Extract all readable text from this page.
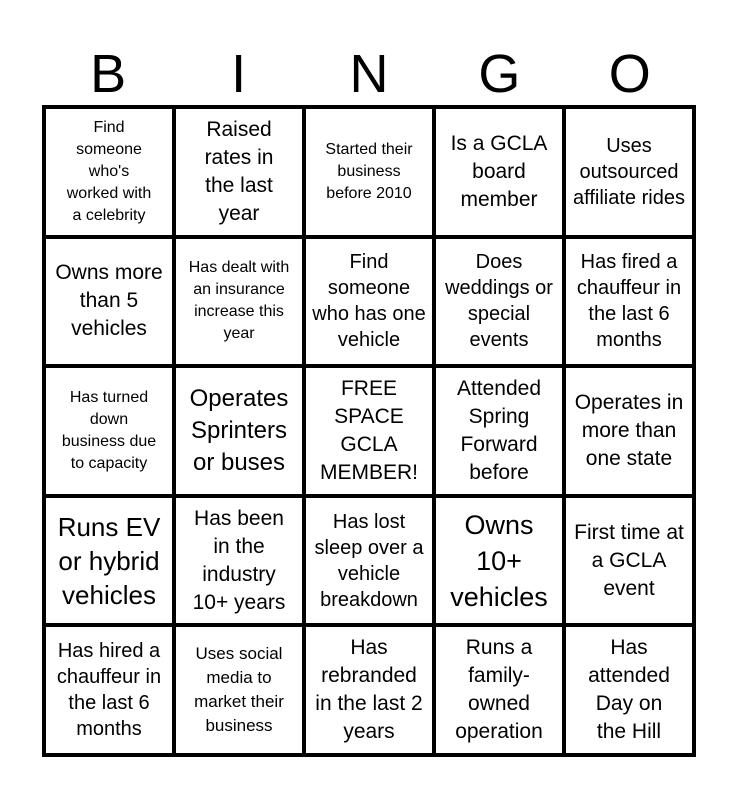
B	I	N	G	O
Find someone who's worked with a celebrity
Raised rates in the last year
Started their business before 2010
Is a GCLA board member
Uses outsourced affiliate rides
Owns more than 5 vehicles
Has dealt with an insurance increase this year
Find someone who has one vehicle
Does weddings or special events
Has fired a chauffeur in the last 6 months
Has turned down business due to capacity
Operates Sprinters or buses
FREE SPACE GCLA MEMBER!
Attended Spring Forward before
Operates in more than one state
Runs EV or hybrid vehicles
Has been in the industry 10+ years
Has lost sleep over a vehicle breakdown
Owns 10+ vehicles
First time at a GCLA event
Has hired a chauffeur in the last 6 months
Uses social media to market their business
Has rebranded in the last 2 years
Runs a family-owned operation
Has attended Day on the Hill
